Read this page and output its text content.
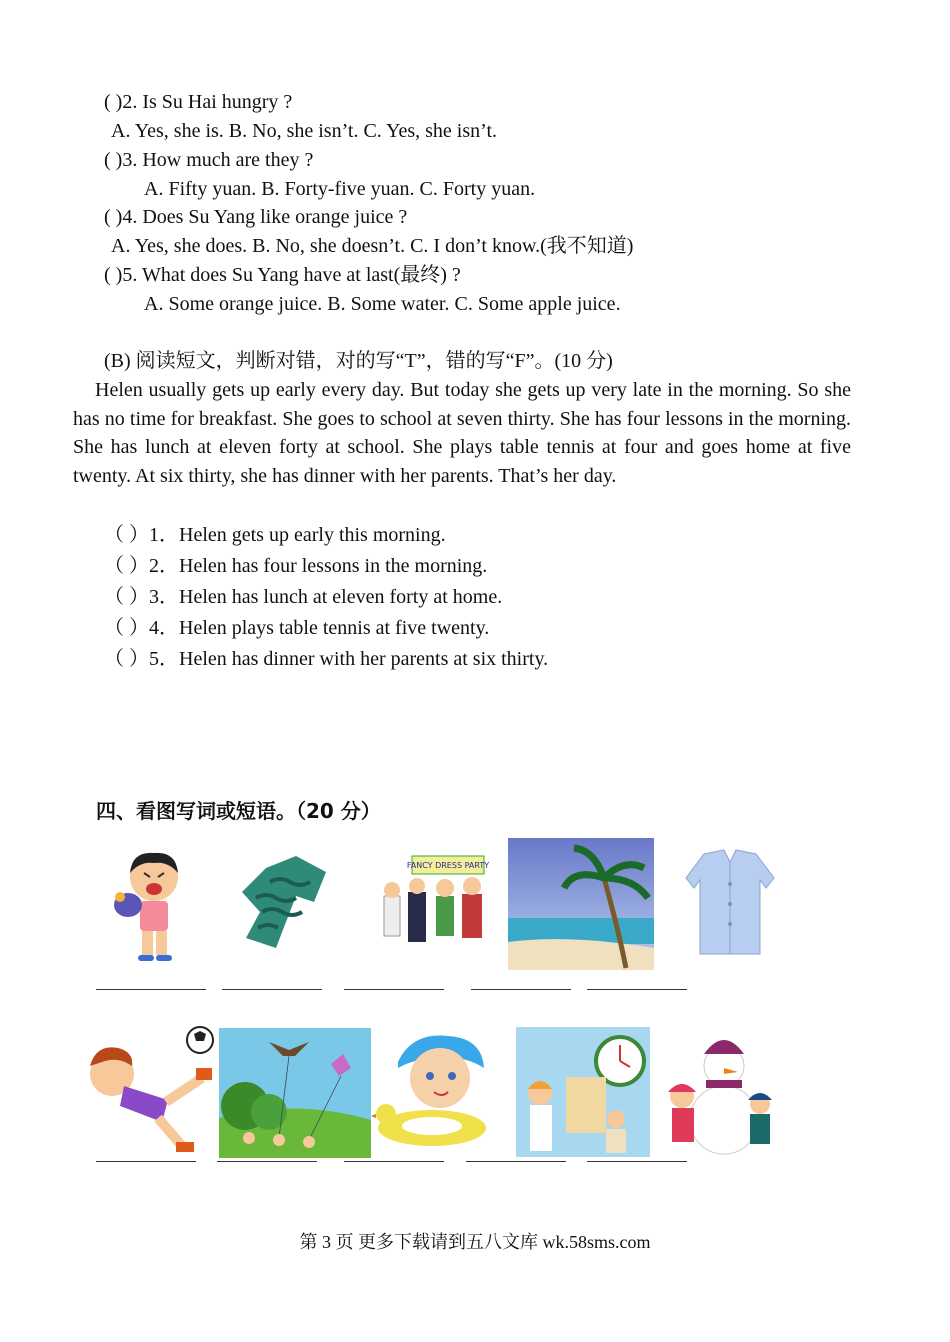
( )2. Is Su Hai hungry ?
A. Yes, she is. B. No, she isn’t. C. Yes, she isn’t.
( )3. How much are they ?
A. Fifty yuan. B. Forty-five yuan. C. Forty yuan.
( )4. Does Su Yang like orange juice ?
A. Yes, she does. B. No, she doesn’t. C. I don’t know.(我不知道)
( )5. What does Su Yang have at last(最终) ?
A. Some orange juice. B. Some water. C. Some apple juice.
(B) 阅读短文，判断对错，对的写“T”，错的写“F”。(10 分)
Helen usually gets up early every day. But today she gets up very late in the morning. So she has no time for breakfast. She goes to school at seven thirty. She has four lessons in the morning. She has lunch at eleven forty at school. She plays table tennis at four and goes home at five twenty. At six thirty, she has dinner with her parents. That’s her day.
（ ）1．Helen gets up early this morning.
（ ）2．Helen has four lessons in the morning.
（ ）3．Helen has lunch at eleven forty at home.
（ ）4．Helen plays table tennis at five twenty.
（ ）5．Helen has dinner with her parents at six thirty.
四、看图写词或短语。（20 分）
FANCY DRESS PARTY
第 3 页 更多下载请到五八文库 wk.58sms.com
